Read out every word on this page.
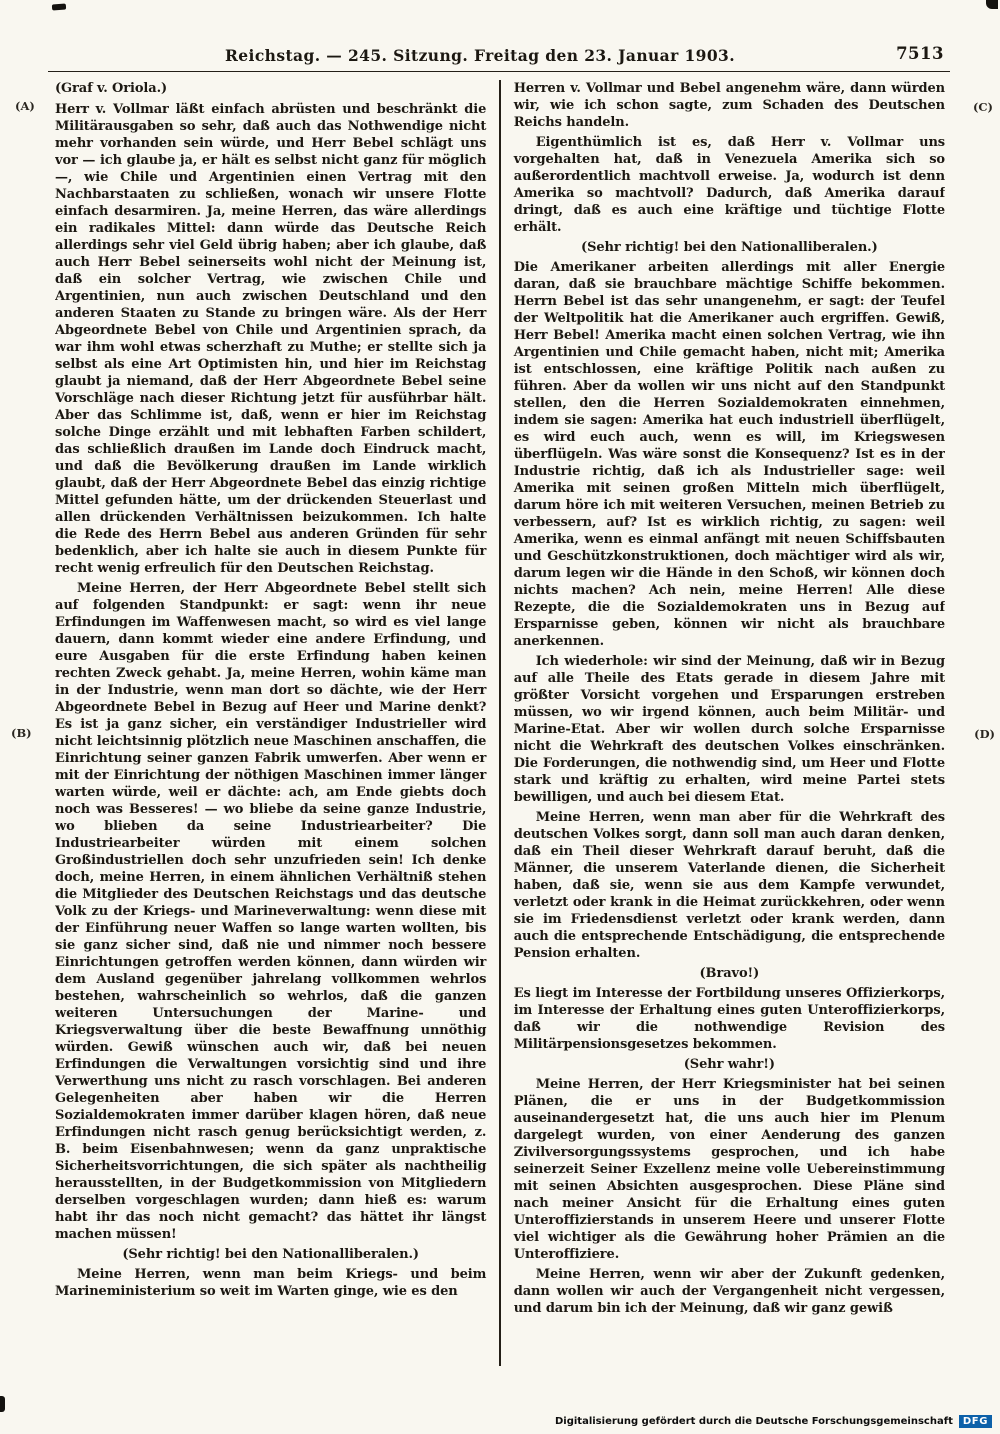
Reichstag. — 245. Sitzung. Freitag den 23. Januar 1903.	7513
(A)
(B)
(C)
(D)

(Graf v. Oriola.)

Herr v. Vollmar läßt einfach abrüsten und beschränkt die Militärausgaben so sehr, daß auch das Nothwendige nicht mehr vorhanden sein würde, und Herr Bebel schlägt uns vor — ich glaube ja, er hält es selbst nicht ganz für möglich —, wie Chile und Argentinien einen Vertrag mit den Nachbarstaaten zu schließen, wonach wir unsere Flotte einfach desarmiren. Ja, meine Herren, das wäre allerdings ein radikales Mittel: dann würde das Deutsche Reich allerdings sehr viel Geld übrig haben; aber ich glaube, daß auch Herr Bebel seinerseits wohl nicht der Meinung ist, daß ein solcher Vertrag, wie zwischen Chile und Argentinien, nun auch zwischen Deutschland und den anderen Staaten zu Stande zu bringen wäre. Als der Herr Abgeordnete Bebel von Chile und Argentinien sprach, da war ihm wohl etwas scherzhaft zu Muthe; er stellte sich ja selbst als eine Art Optimisten hin, und hier im Reichstag glaubt ja niemand, daß der Herr Abgeordnete Bebel seine Vorschläge nach dieser Richtung jetzt für ausführbar hält. Aber das Schlimme ist, daß, wenn er hier im Reichstag solche Dinge erzählt und mit lebhaften Farben schildert, das schließlich draußen im Lande doch Eindruck macht, und daß die Bevölkerung draußen im Lande wirklich glaubt, daß der Herr Abgeordnete Bebel das einzig richtige Mittel gefunden hätte, um der drückenden Steuerlast und allen drückenden Verhältnissen beizukommen. Ich halte die Rede des Herrn Bebel aus anderen Gründen für sehr bedenklich, aber ich halte sie auch in diesem Punkte für recht wenig erfreulich für den Deutschen Reichstag.

Meine Herren, der Herr Abgeordnete Bebel stellt sich auf folgenden Standpunkt: er sagt: wenn ihr neue Erfindungen im Waffenwesen macht, so wird es viel lange dauern, dann kommt wieder eine andere Erfindung, und eure Ausgaben für die erste Erfindung haben keinen rechten Zweck gehabt. Ja, meine Herren, wohin käme man in der Industrie, wenn man dort so dächte, wie der Herr Abgeordnete Bebel in Bezug auf Heer und Marine denkt? Es ist ja ganz sicher, ein verständiger Industrieller wird nicht leichtsinnig plötzlich neue Maschinen anschaffen, die Einrichtung seiner ganzen Fabrik umwerfen. Aber wenn er mit der Einrichtung der nöthigen Maschinen immer länger warten würde, weil er dächte: ach, am Ende giebts doch noch was Besseres! — wo bliebe da seine ganze Industrie, wo blieben da seine Industriearbeiter? Die Industriearbeiter würden mit einem solchen Großindustriellen doch sehr unzufrieden sein! Ich denke doch, meine Herren, in einem ähnlichen Verhältniß stehen die Mitglieder des Deutschen Reichstags und das deutsche Volk zu der Kriegs- und Marineverwaltung: wenn diese mit der Einführung neuer Waffen so lange warten wollten, bis sie ganz sicher sind, daß nie und nimmer noch bessere Einrichtungen getroffen werden können, dann würden wir dem Ausland gegenüber jahrelang vollkommen wehrlos bestehen, wahrscheinlich so wehrlos, daß die ganzen weiteren Untersuchungen der Marine- und Kriegsverwaltung über die beste Bewaffnung unnöthig würden. Gewiß wünschen auch wir, daß bei neuen Erfindungen die Verwaltungen vorsichtig sind und ihre Verwerthung uns nicht zu rasch vorschlagen. Bei anderen Gelegenheiten aber haben wir die Herren Sozialdemokraten immer darüber klagen hören, daß neue Erfindungen nicht rasch genug berücksichtigt werden, z. B. beim Eisenbahnwesen; wenn da ganz unpraktische Sicherheitsvorrichtungen, die sich später als nachtheilig herausstellten, in der Budgetkommission von Mitgliedern derselben vorgeschlagen wurden; dann hieß es: warum habt ihr das noch nicht gemacht? das hättet ihr längst machen müssen!

(Sehr richtig! bei den Nationalliberalen.)

Meine Herren, wenn man beim Kriegs- und beim Marineministerium so weit im Warten ginge, wie es den

Herren v. Vollmar und Bebel angenehm wäre, dann würden wir, wie ich schon sagte, zum Schaden des Deutschen Reichs handeln.

Eigenthümlich ist es, daß Herr v. Vollmar uns vorgehalten hat, daß in Venezuela Amerika sich so außerordentlich machtvoll erweise. Ja, wodurch ist denn Amerika so machtvoll? Dadurch, daß Amerika darauf dringt, daß es auch eine kräftige und tüchtige Flotte erhält.

(Sehr richtig! bei den Nationalliberalen.)

Die Amerikaner arbeiten allerdings mit aller Energie daran, daß sie brauchbare mächtige Schiffe bekommen. Herrn Bebel ist das sehr unangenehm, er sagt: der Teufel der Weltpolitik hat die Amerikaner auch ergriffen. Gewiß, Herr Bebel! Amerika macht einen solchen Vertrag, wie ihn Argentinien und Chile gemacht haben, nicht mit; Amerika ist entschlossen, eine kräftige Politik nach außen zu führen. Aber da wollen wir uns nicht auf den Standpunkt stellen, den die Herren Sozialdemokraten einnehmen, indem sie sagen: Amerika hat euch industriell überflügelt, es wird euch auch, wenn es will, im Kriegswesen überflügeln. Was wäre sonst die Konsequenz? Ist es in der Industrie richtig, daß ich als Industrieller sage: weil Amerika mit seinen großen Mitteln mich überflügelt, darum höre ich mit weiteren Versuchen, meinen Betrieb zu verbessern, auf? Ist es wirklich richtig, zu sagen: weil Amerika, wenn es einmal anfängt mit neuen Schiffsbauten und Geschützkonstruktionen, doch mächtiger wird als wir, darum legen wir die Hände in den Schoß, wir können doch nichts machen? Ach nein, meine Herren! Alle diese Rezepte, die die Sozialdemokraten uns in Bezug auf Ersparnisse geben, können wir nicht als brauchbare anerkennen.

Ich wiederhole: wir sind der Meinung, daß wir in Bezug auf alle Theile des Etats gerade in diesem Jahre mit größter Vorsicht vorgehen und Ersparungen erstreben müssen, wo wir irgend können, auch beim Militär- und Marine-Etat. Aber wir wollen durch solche Ersparnisse nicht die Wehrkraft des deutschen Volkes einschränken. Die Forderungen, die nothwendig sind, um Heer und Flotte stark und kräftig zu erhalten, wird meine Partei stets bewilligen, und auch bei diesem Etat.

Meine Herren, wenn man aber für die Wehrkraft des deutschen Volkes sorgt, dann soll man auch daran denken, daß ein Theil dieser Wehrkraft darauf beruht, daß die Männer, die unserem Vaterlande dienen, die Sicherheit haben, daß sie, wenn sie aus dem Kampfe verwundet, verletzt oder krank in die Heimat zurückkehren, oder wenn sie im Friedensdienst verletzt oder krank werden, dann auch die entsprechende Entschädigung, die entsprechende Pension erhalten.

(Bravo!)

Es liegt im Interesse der Fortbildung unseres Offizierkorps, im Interesse der Erhaltung eines guten Unteroffizierkorps, daß wir die nothwendige Revision des Militärpensionsgesetzes bekommen.

(Sehr wahr!)

Meine Herren, der Herr Kriegsminister hat bei seinen Plänen, die er uns in der Budgetkommission auseinandergesetzt hat, die uns auch hier im Plenum dargelegt wurden, von einer Aenderung des ganzen Zivilversorgungssystems gesprochen, und ich habe seinerzeit Seiner Exzellenz meine volle Uebereinstimmung mit seinen Absichten ausgesprochen. Diese Pläne sind nach meiner Ansicht für die Erhaltung eines guten Unteroffizierstands in unserem Heere und unserer Flotte viel wichtiger als die Gewährung hoher Prämien an die Unteroffiziere.

Meine Herren, wenn wir aber der Zukunft gedenken, dann wollen wir auch der Vergangenheit nicht vergessen, und darum bin ich der Meinung, daß wir ganz gewiß

Digitalisierung gefördert durch die Deutsche Forschungsgemeinschaft	DFG
